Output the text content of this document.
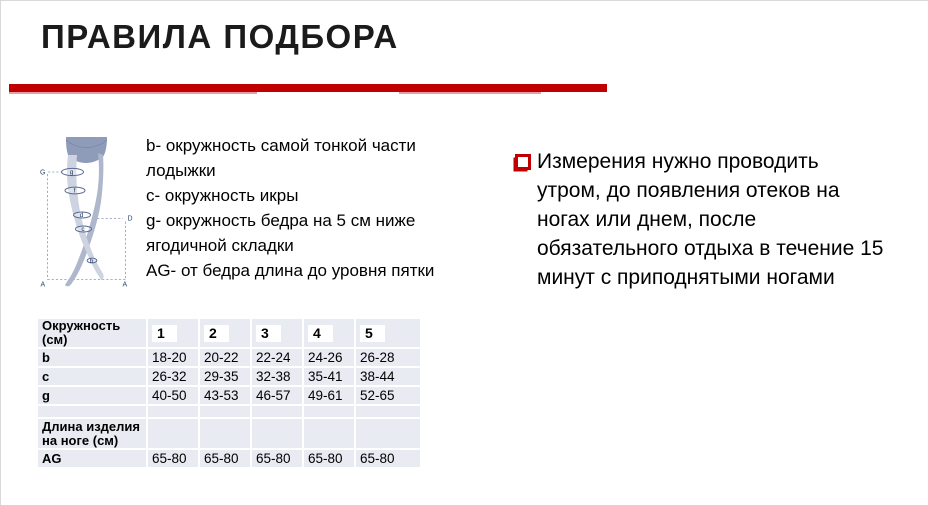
ПРАВИЛА ПОДБОРА
G
D
A	A
g
f
d
c
b
b- окружность самой тонкой части
лодыжки
c- окружность икры
g- окружность бедра на 5 см ниже
ягодичной складки
AG- от бедра длина до уровня пятки
Измерения нужно проводить
утром, до появления отеков на
ногах или днем, после
обязательного отдыха в течение 15
минут с приподнятыми ногами
Окружность (см)	1	2	3	4	5
b	18-20	20-22	22-24	24-26	26-28
c	26-32	29-35	32-38	35-41	38-44
g	40-50	43-53	46-57	49-61	52-65

Длина изделия на ноге (см)					
AG	65-80	65-80	65-80	65-80	65-80
